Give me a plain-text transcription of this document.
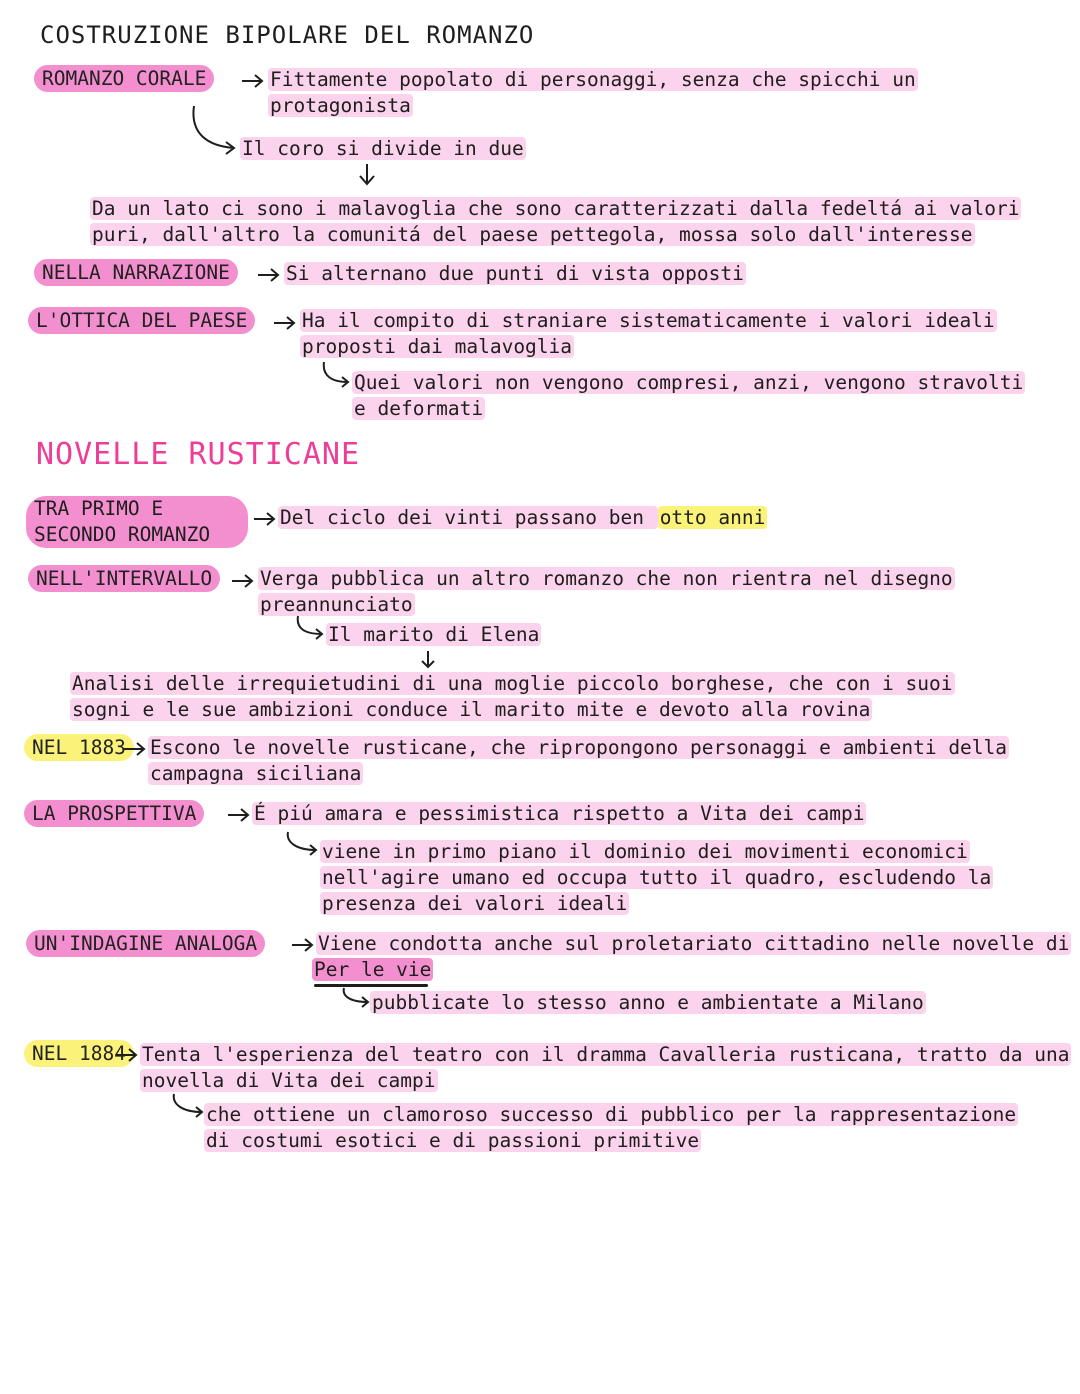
COSTRUZIONE BIPOLARE DEL ROMANZO
ROMANZO CORALE	Fittamente popolato di personaggi, senza che spicchi un
protagonista
Il coro si divide in due
Da un lato ci sono i malavoglia che sono caratterizzati dalla fedeltá ai valori
puri, dall'altro la comunitá del paese pettegola, mossa solo dall'interesse
NELLA NARRAZIONE	Si alternano due punti di vista opposti
L'OTTICA DEL PAESE	Ha il compito di straniare sistematicamente i valori ideali
proposti dai malavoglia
Quei valori non vengono compresi, anzi, vengono stravolti
e deformati
NOVELLE RUSTICANE
TRA PRIMO E
SECONDO ROMANZO
Del ciclo dei vinti passano ben otto anni
NELL'INTERVALLO	Verga pubblica un altro romanzo che non rientra nel disegno
preannunciato
Il marito di Elena
Analisi delle irrequietudini di una moglie piccolo borghese, che con i suoi
sogni e le sue ambizioni conduce il marito mite e devoto alla rovina
NEL 1883	Escono le novelle rusticane, che ripropongono personaggi e ambienti della
campagna siciliana
LA PROSPETTIVA	É piú amara e pessimistica rispetto a Vita dei campi
viene in primo piano il dominio dei movimenti economici
nell'agire umano ed occupa tutto il quadro, escludendo la
presenza dei valori ideali
UN'INDAGINE ANALOGA	Viene condotta anche sul proletariato cittadino nelle novelle di
Per le vie
pubblicate lo stesso anno e ambientate a Milano
NEL 1884 Tenta l'esperienza del teatro con il dramma Cavalleria rusticana, tratto da una
novella di Vita dei campi
che ottiene un clamoroso successo di pubblico per la rappresentazione
di costumi esotici e di passioni primitive
